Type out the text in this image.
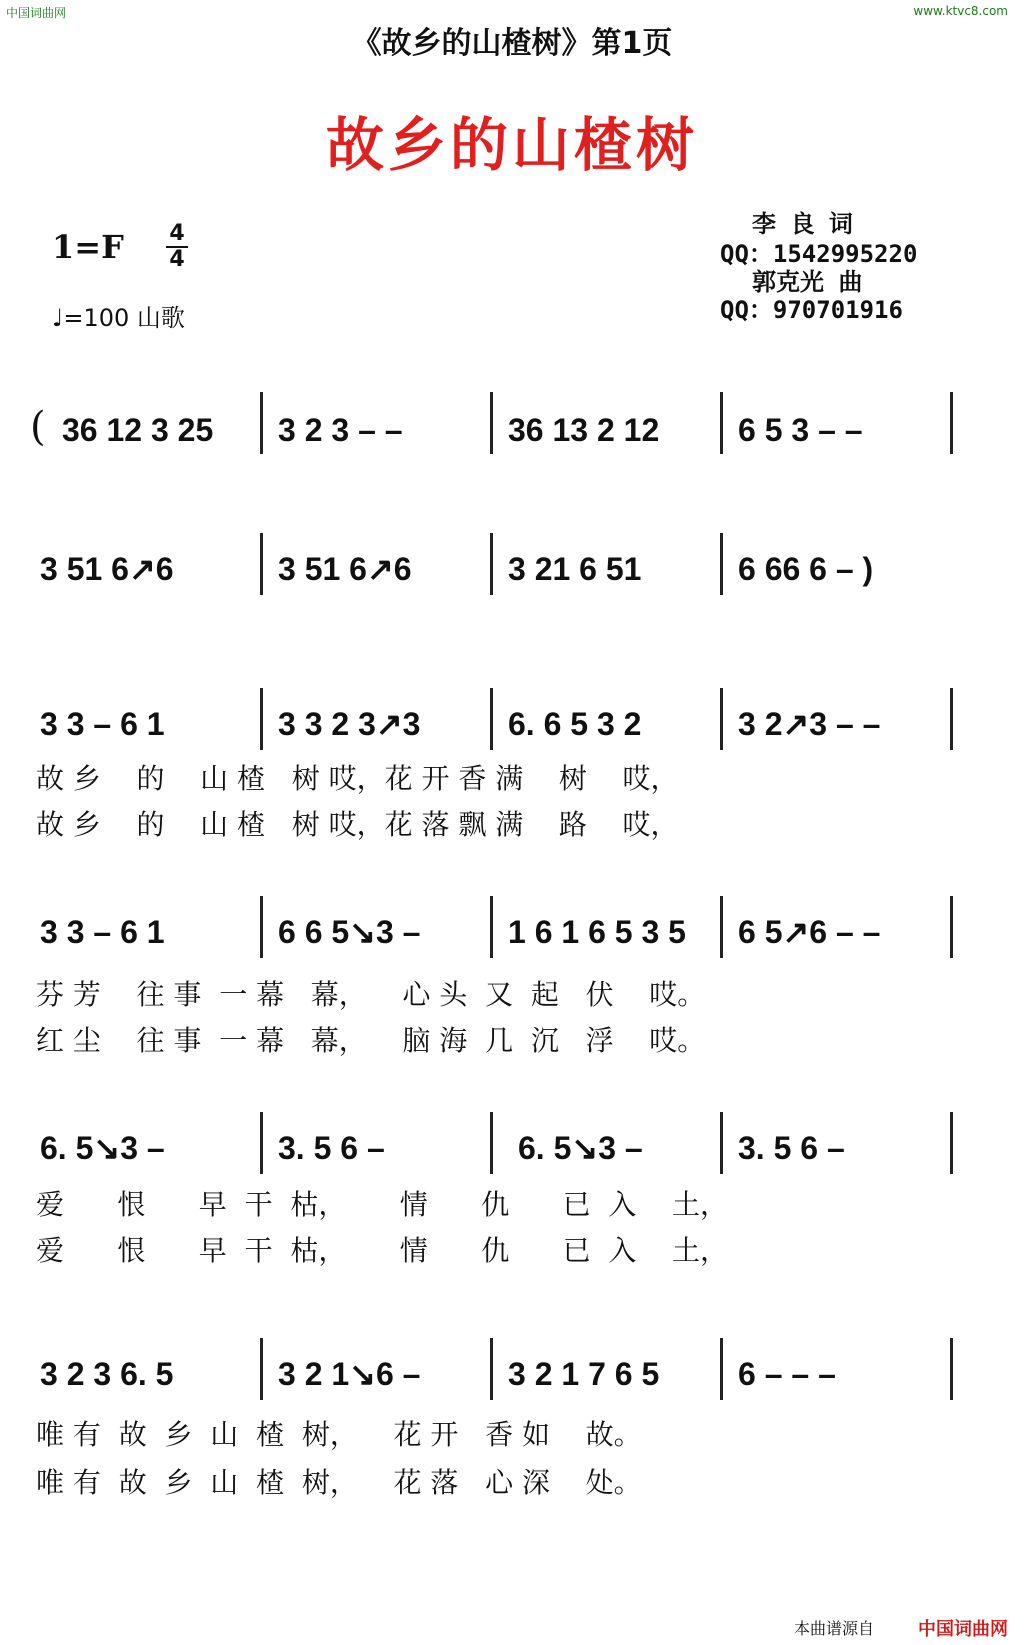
中国词曲网	www.ktvc8.com
《故乡的山楂树》第1页
故乡的山楂树
1=F 4
4
♩=100 山歌
李 良 词
QQ：1542995220
郭克光 曲
QQ：970701916
( 36 12 3 25 3 2 3 – –	36 13 2 12 6 5 3 – –
3 51 6↗6	3 51 6↗6	3 21 6 51	6 66 6 – )
3 3 – 6 1	3 3 2 3↗3	6. 6 5 3 2	3 2↗3 – –
故 乡    的    山 楂   树 哎，花 开 香 满    树    哎，
故 乡    的    山 楂   树 哎，花 落 飘 满    路    哎，
3 3 – 6 1	6 6 5↘3 –	1 6 1 6 5 3 5 6 5↗6 – –
芬 芳    往 事  一 幕   幕，    心 头  又  起   伏    哎。
红 尘    往 事  一 幕   幕，    脑 海  几  沉   浮    哎。
6. 5↘3 –	3. 5 6 –	6. 5↘3 –	3. 5 6 –
爱      恨      早  干  枯，      情      仇      已  入    土，
爱      恨      早  干  枯，      情      仇      已  入    土，
3 2 3 6. 5	3 2 1↘6 –	3 2 1 7 6 5 6 – – –
唯 有  故  乡  山  楂  树，    花 开   香 如    故。
唯 有  故  乡  山  楂  树，    花 落   心 深    处。
本曲谱源自 中国词曲网
